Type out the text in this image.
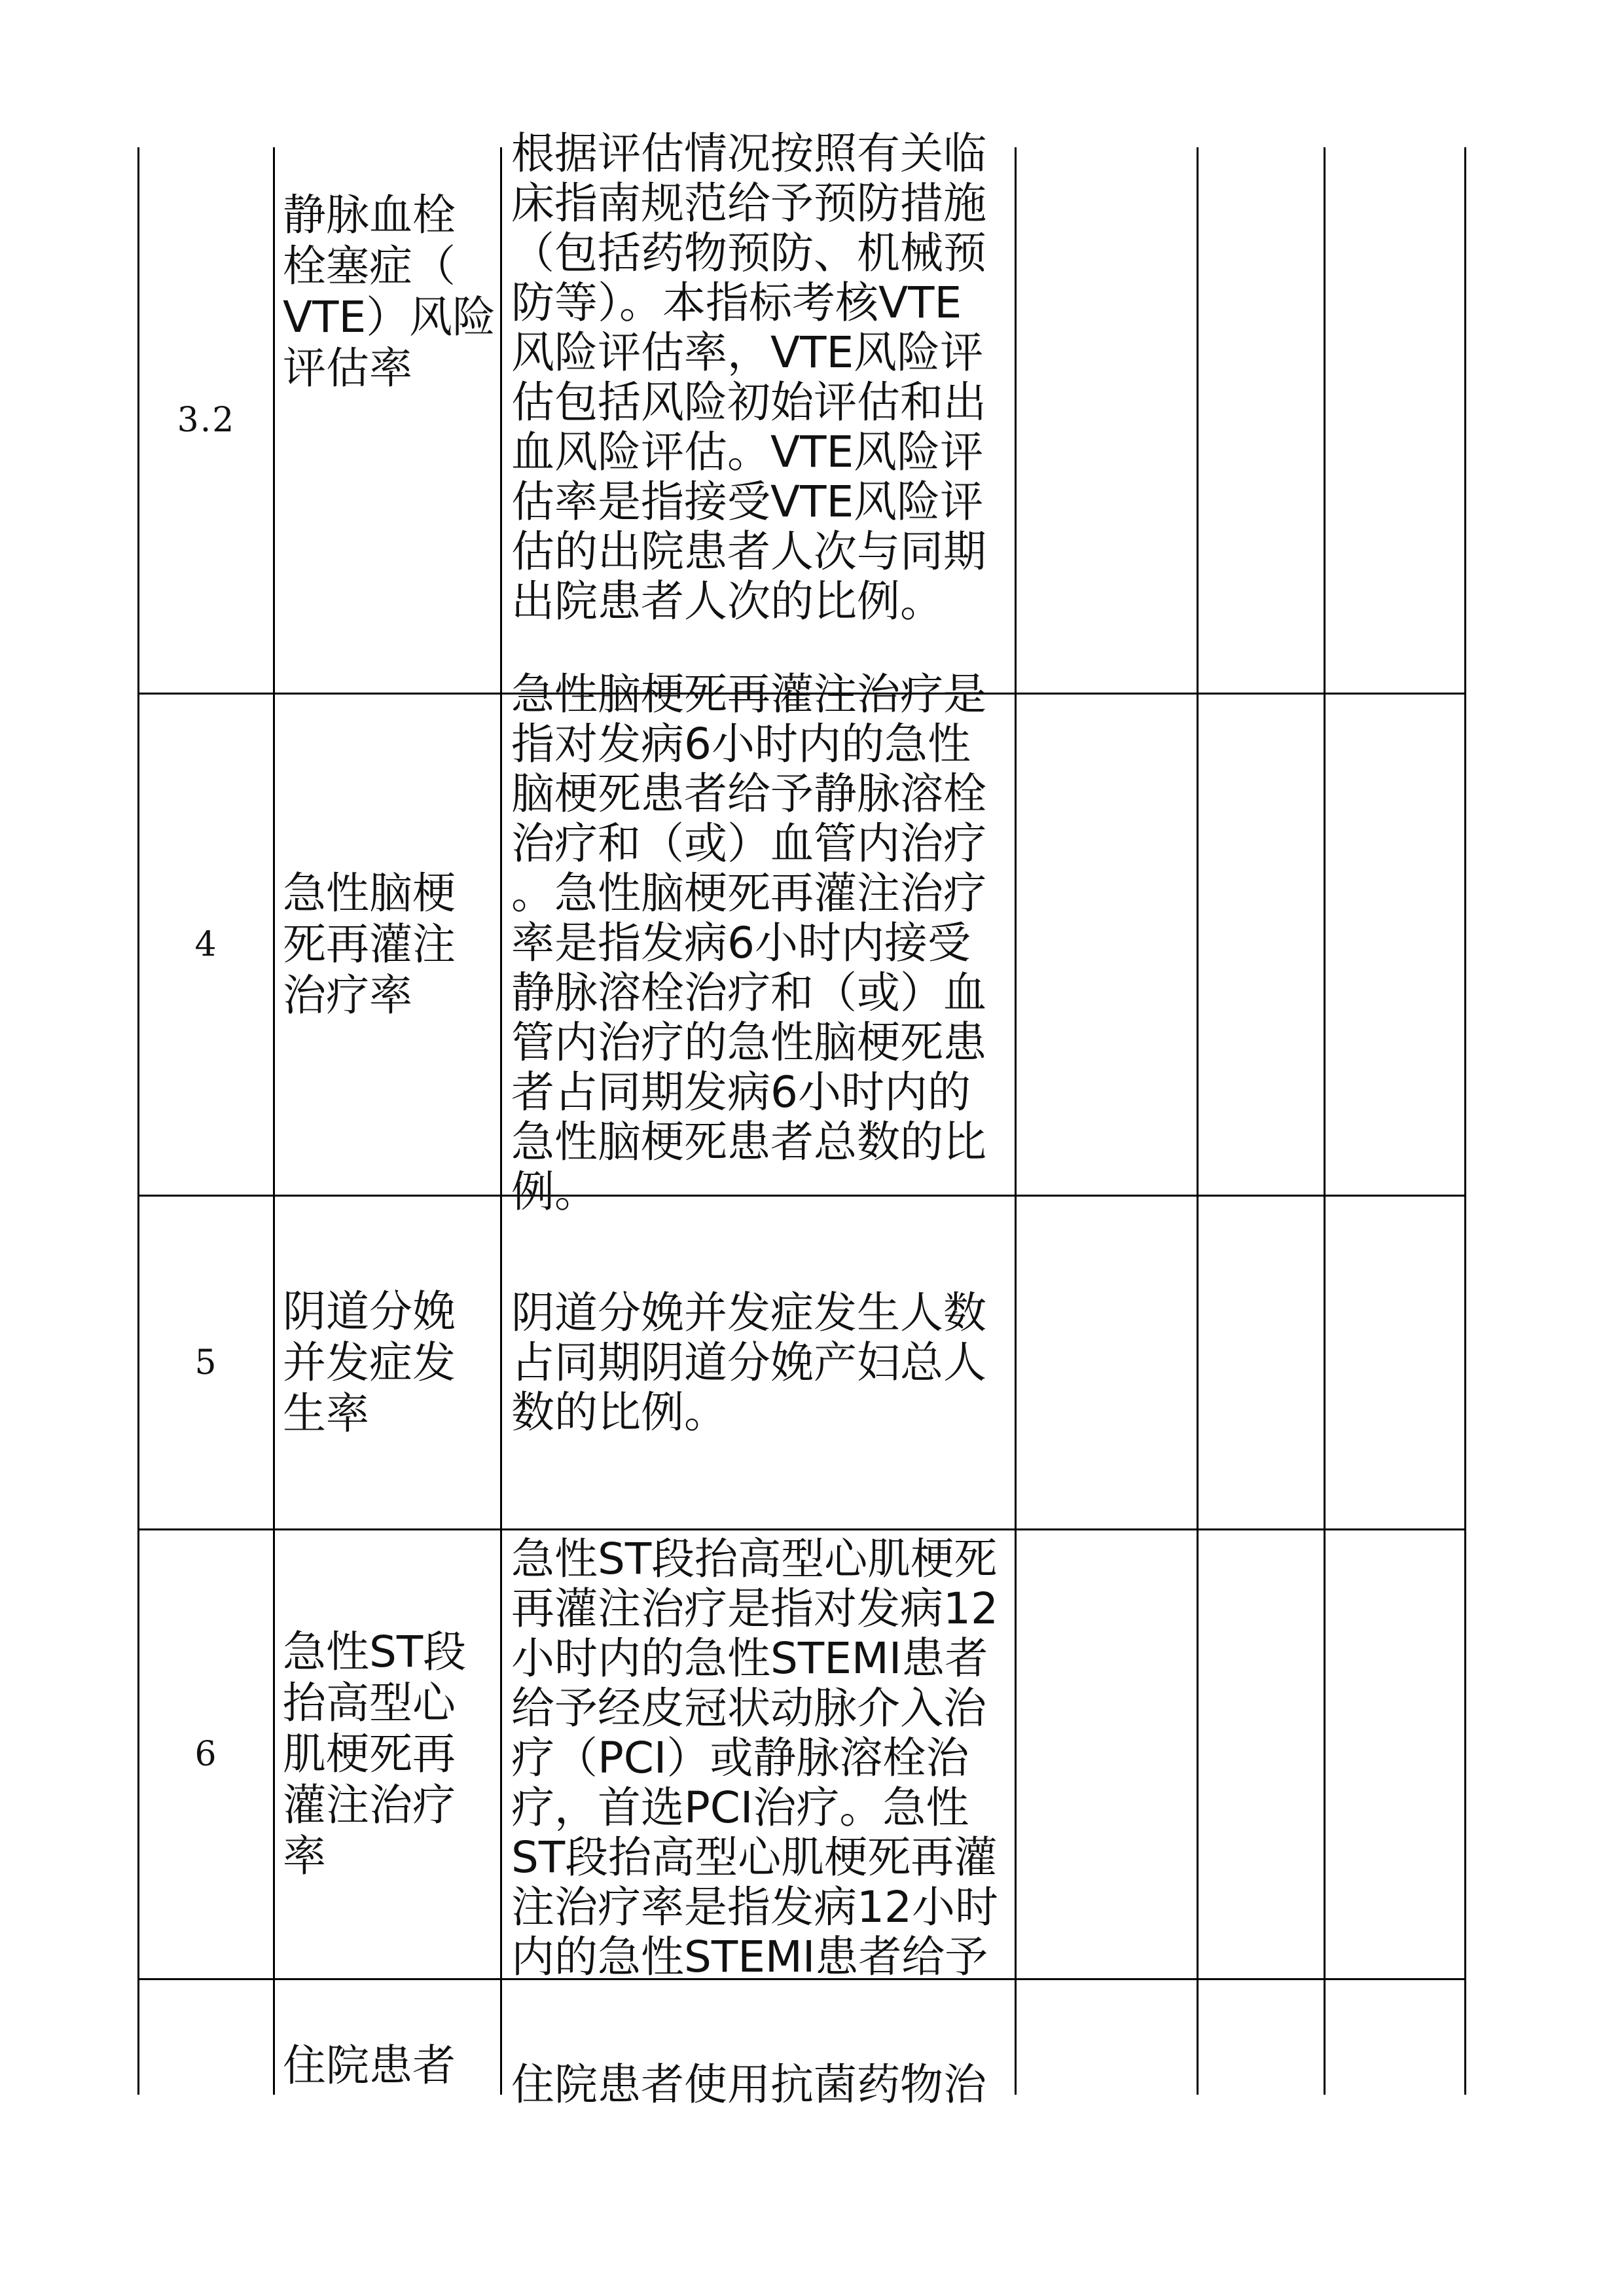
3.2
静脉血栓
栓塞症（
VTE）风险
评估率
根据评估情况按照有关临
床指南规范给予预防措施
（包括药物预防、机械预
防等）。本指标考核VTE
风险评估率，VTE风险评
估包括风险初始评估和出
血风险评估。VTE风险评
估率是指接受VTE风险评
估的出院患者人次与同期
出院患者人次的比例。
4
急性脑梗
死再灌注
治疗率
急性脑梗死再灌注治疗是
指对发病6小时内的急性
脑梗死患者给予静脉溶栓
治疗和（或）血管内治疗
。急性脑梗死再灌注治疗
率是指发病6小时内接受
静脉溶栓治疗和（或）血
管内治疗的急性脑梗死患
者占同期发病6小时内的
急性脑梗死患者总数的比
例。
5
阴道分娩
并发症发
生率
阴道分娩并发症发生人数
占同期阴道分娩产妇总人
数的比例。
6
急性ST段
抬高型心
肌梗死再
灌注治疗
率
急性ST段抬高型心肌梗死
再灌注治疗是指对发病12
小时内的急性STEMI患者
给予经皮冠状动脉介入治
疗（PCI）或静脉溶栓治
疗，首选PCI治疗。急性
ST段抬高型心肌梗死再灌
注治疗率是指发病12小时
内的急性STEMI患者给予
住院患者 住院患者使用抗菌药物治
